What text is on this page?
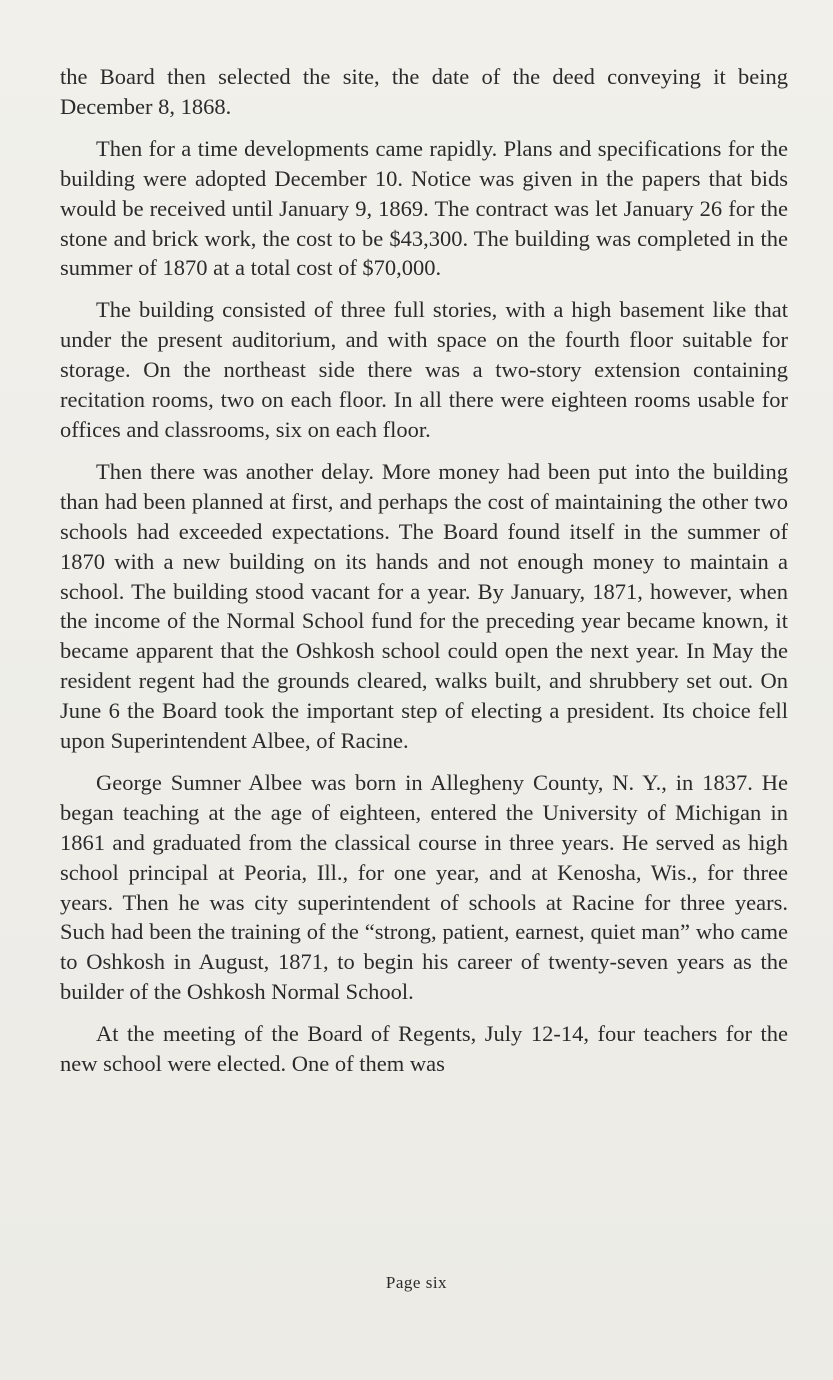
the Board then selected the site, the date of the deed conveying it being December 8, 1868.

Then for a time developments came rapidly. Plans and specifications for the building were adopted December 10. Notice was given in the papers that bids would be received until January 9, 1869. The contract was let January 26 for the stone and brick work, the cost to be $43,300. The building was completed in the summer of 1870 at a total cost of $70,000.

The building consisted of three full stories, with a high basement like that under the present auditorium, and with space on the fourth floor suitable for storage. On the northeast side there was a two-story extension containing recitation rooms, two on each floor. In all there were eighteen rooms usable for offices and classrooms, six on each floor.

Then there was another delay. More money had been put into the building than had been planned at first, and perhaps the cost of maintaining the other two schools had exceeded expectations. The Board found itself in the summer of 1870 with a new building on its hands and not enough money to maintain a school. The building stood vacant for a year. By January, 1871, however, when the income of the Normal School fund for the preceding year became known, it became apparent that the Oshkosh school could open the next year. In May the resident regent had the grounds cleared, walks built, and shrubbery set out. On June 6 the Board took the important step of electing a president. Its choice fell upon Superintendent Albee, of Racine.

George Sumner Albee was born in Allegheny County, N. Y., in 1837. He began teaching at the age of eighteen, entered the University of Michigan in 1861 and graduated from the classical course in three years. He served as high school principal at Peoria, Ill., for one year, and at Kenosha, Wis., for three years. Then he was city superintendent of schools at Racine for three years. Such had been the training of the “strong, patient, earnest, quiet man” who came to Oshkosh in August, 1871, to begin his career of twenty-seven years as the builder of the Oshkosh Normal School.

At the meeting of the Board of Regents, July 12-14, four teachers for the new school were elected. One of them was

Page six
